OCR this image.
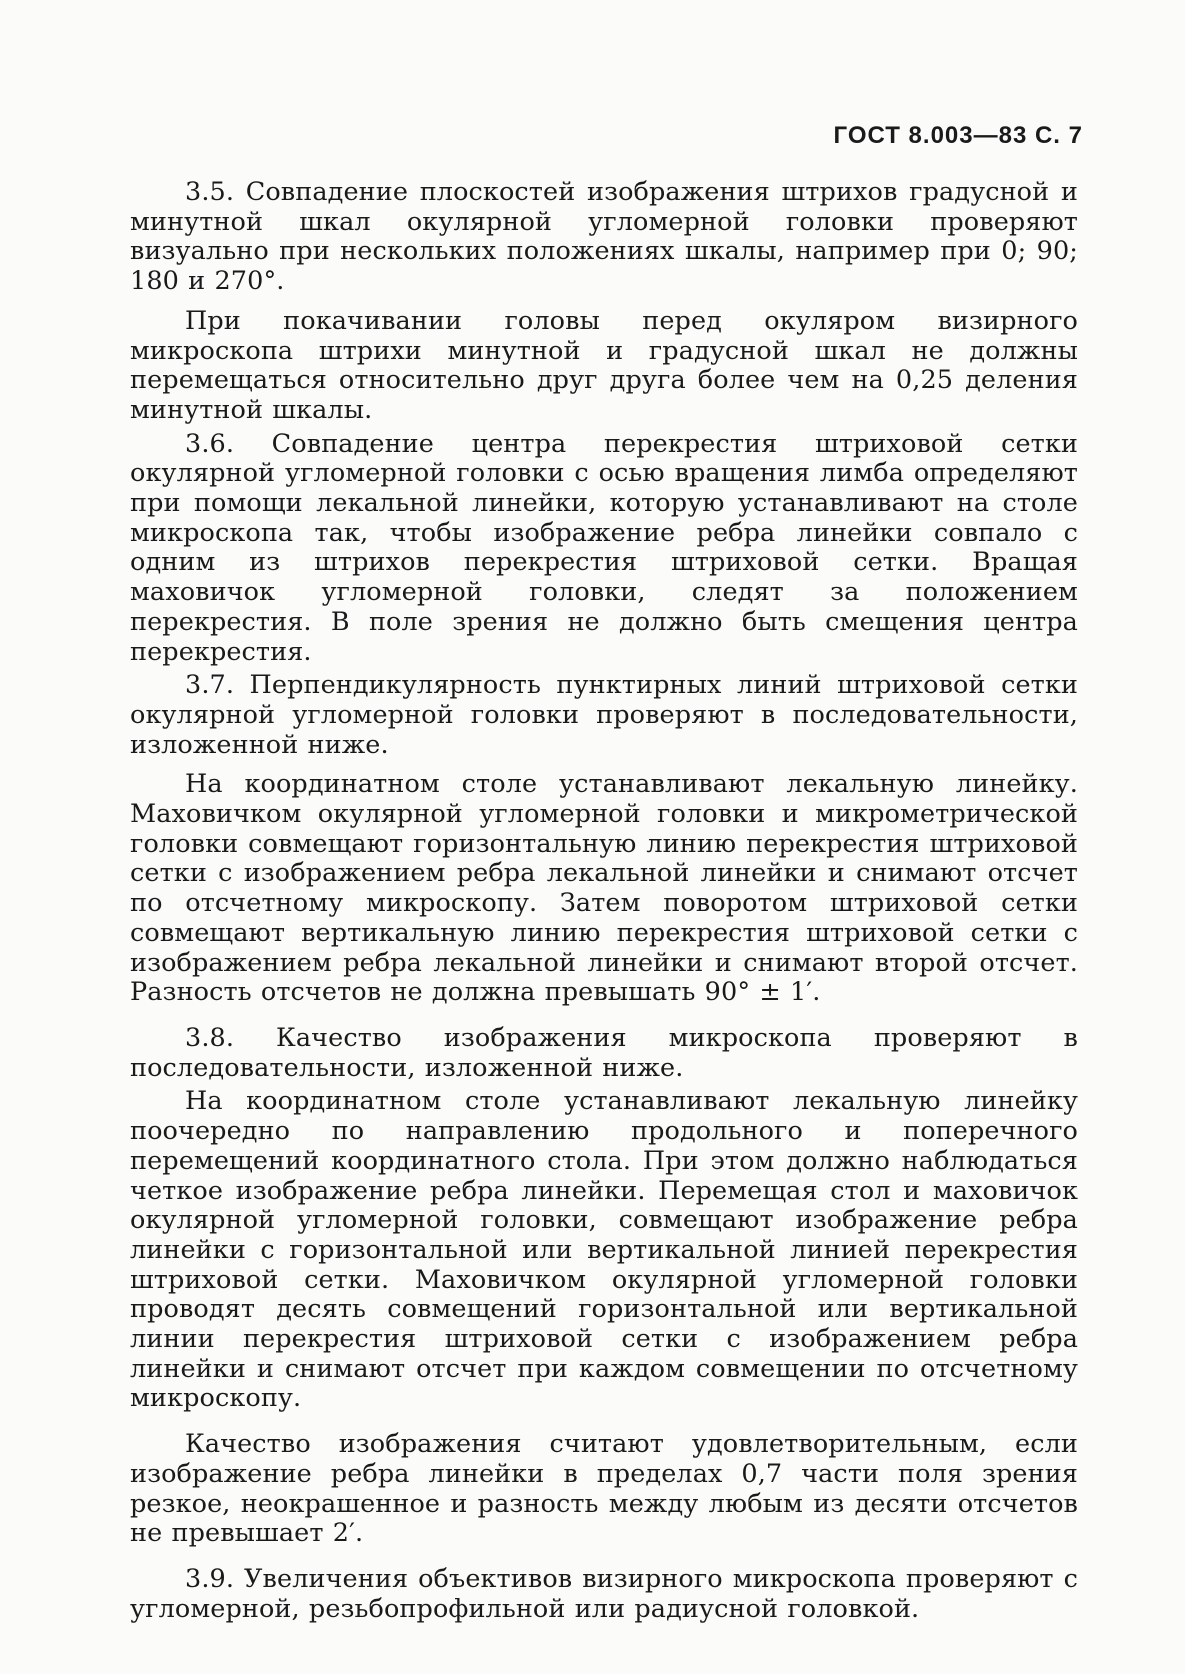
ГОСТ 8.003—83 С. 7

3.5. Совпадение плоскостей изображения штрихов градусной и минутной шкал окулярной угломерной головки проверяют визуально при нескольких положениях шкалы, например при 0; 90; 180 и 270°.

При покачивании головы перед окуляром визирного микроскопа штрихи минутной и градусной шкал не должны перемещаться относительно друг друга более чем на 0,25 деления минутной шкалы.

3.6. Совпадение центра перекрестия штриховой сетки окулярной угломерной головки с осью вращения лимба определяют при помощи лекальной линейки, которую устанавливают на столе микроскопа так, чтобы изображение ребра линейки совпало с одним из штрихов перекрестия штриховой сетки. Вращая маховичок угломерной головки, следят за положением перекрестия. В поле зрения не должно быть смещения центра перекрестия.

3.7. Перпендикулярность пунктирных линий штриховой сетки окулярной угломерной головки проверяют в последовательности, изложенной ниже.

На координатном столе устанавливают лекальную линейку. Маховичком окулярной угломерной головки и микрометрической головки совмещают горизонтальную линию перекрестия штриховой сетки с изображением ребра лекальной линейки и снимают отсчет по отсчетному микроскопу. Затем поворотом штриховой сетки совмещают вертикальную линию перекрестия штриховой сетки с изображением ребра лекальной линейки и снимают второй отсчет. Разность отсчетов не должна превышать 90° ± 1′.

3.8. Качество изображения микроскопа проверяют в последовательности, изложенной ниже.

На координатном столе устанавливают лекальную линейку поочередно по направлению продольного и поперечного перемещений координатного стола. При этом должно наблюдаться четкое изображение ребра линейки. Перемещая стол и маховичок окулярной угломерной головки, совмещают изображение ребра линейки с горизонтальной или вертикальной линией перекрестия штриховой сетки. Маховичком окулярной угломерной головки проводят десять совмещений горизонтальной или вертикальной линии перекрестия штриховой сетки с изображением ребра линейки и снимают отсчет при каждом совмещении по отсчетному микроскопу.

Качество изображения считают удовлетворительным, если изображение ребра линейки в пределах 0,7 части поля зрения резкое, неокрашенное и разность между любым из десяти отсчетов не превышает 2′.

3.9. Увеличения объективов визирного микроскопа проверяют с угломерной, резьбопрофильной или радиусной головкой.
